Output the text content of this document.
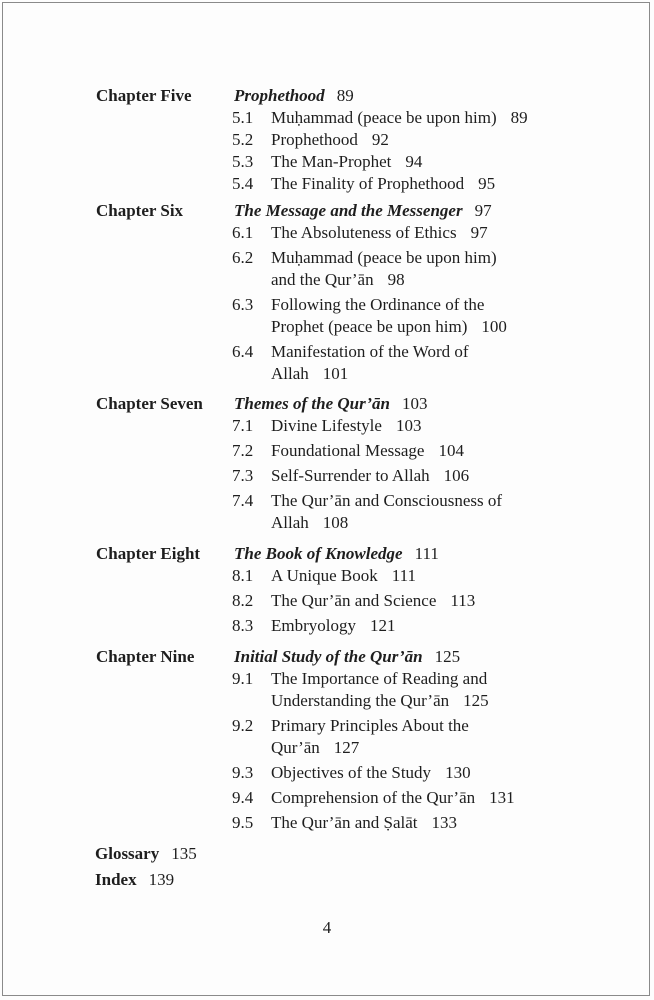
Chapter Five Prophethood 89
5.1 Muḥammad (peace be upon him) 89
5.2 Prophethood 92
5.3 The Man-Prophet 94
5.4 The Finality of Prophethood 95
Chapter Six	The Message and the Messenger 97
6.1 The Absoluteness of Ethics 97
6.2 Muḥammad (peace be upon him)
and the Qur’ān 98
6.3 Following the Ordinance of the
Prophet (peace be upon him) 100
6.4 Manifestation of the Word of
Allah 101
Chapter Seven Themes of the Qur’ān 103
7.1 Divine Lifestyle 103
7.2 Foundational Message 104
7.3 Self-Surrender to Allah 106
7.4 The Qur’ān and Consciousness of
Allah 108
Chapter Eight The Book of Knowledge 111
8.1 A Unique Book 111
8.2 The Qur’ān and Science 113
8.3 Embryology 121
Chapter Nine Initial Study of the Qur’ān 125
9.1 The Importance of Reading and
Understanding the Qur’ān 125
9.2 Primary Principles About the
Qur’ān 127
9.3 Objectives of the Study 130
9.4 Comprehension of the Qur’ān 131
9.5 The Qur’ān and Ṣalāt 133
Glossary 135
Index 139
4
